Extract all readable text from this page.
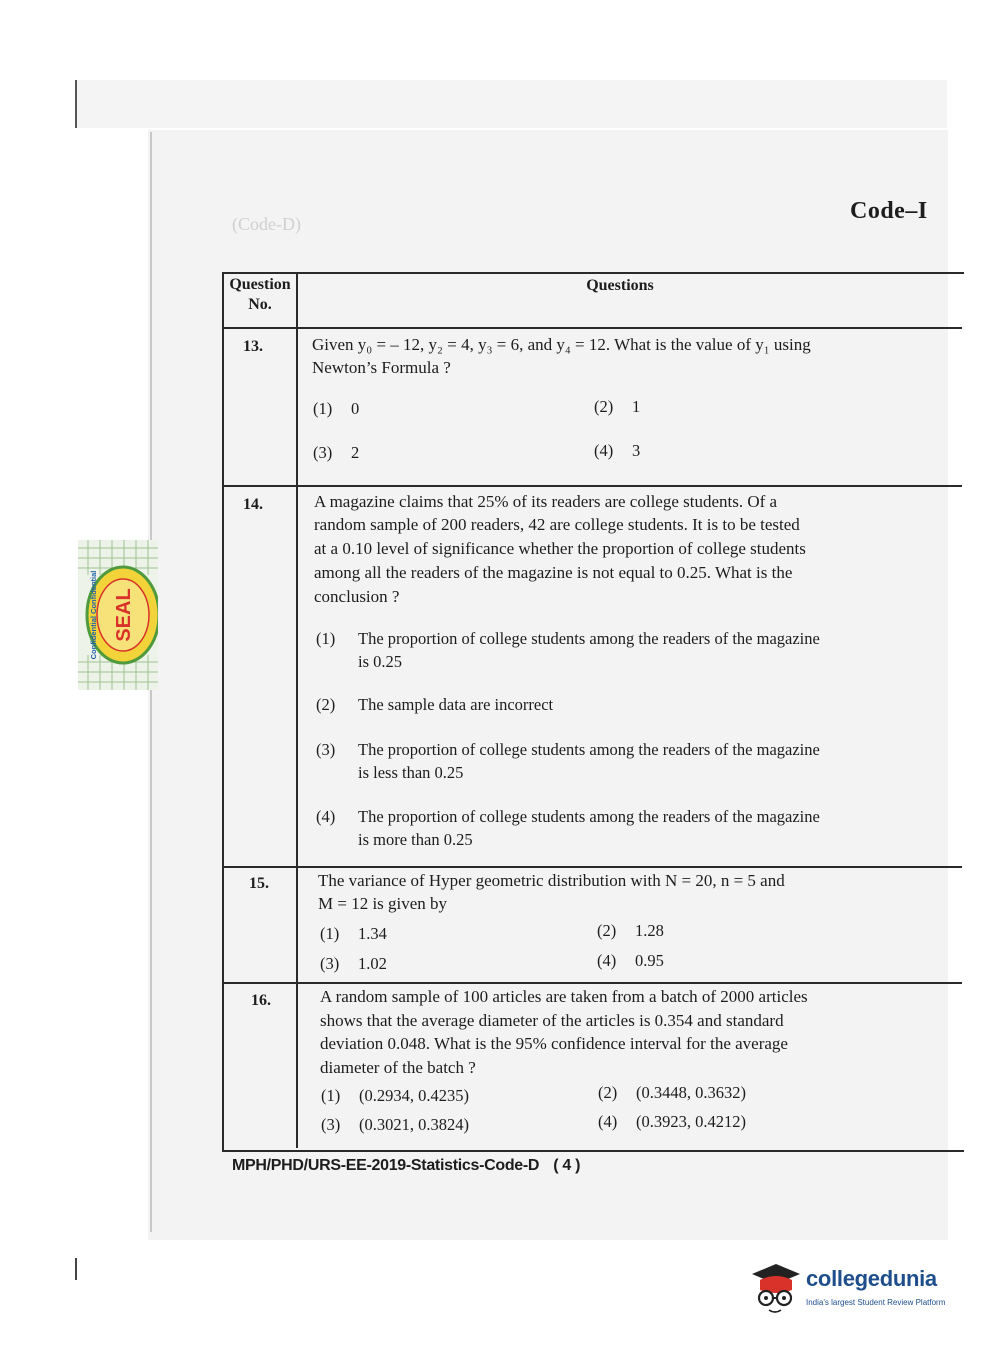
(Code-D)	Code–I
Question No.
Questions
13.	Given y₀ = – 12, y₂ = 4, y₃ = 6, and y₄ = 12. What is the value of y₁ using
Newton’s Formula ?
(1) 0	(2) 1
(3) 2	(4) 3
14.	A magazine claims that 25% of its readers are college students. Of a
random sample of 200 readers, 42 are college students. It is to be tested
at a 0.10 level of significance whether the proportion of college students
among all the readers of the magazine is not equal to 0.25. What is the
conclusion ?
(1) The proportion of college students among the readers of the magazine
is 0.25
(2) The sample data are incorrect
(3) The proportion of college students among the readers of the magazine
is less than 0.25
(4) The proportion of college students among the readers of the magazine
is more than 0.25
15.	The variance of Hyper geometric distribution with N = 20, n = 5 and
M = 12 is given by
(1) 1.34	(2) 1.28
(3) 1.02	(4) 0.95
16.	A random sample of 100 articles are taken from a batch of 2000 articles
shows that the average diameter of the articles is 0.354 and standard
deviation 0.048. What is the 95% confidence interval for the average
diameter of the batch ?
(1) (0.2934, 0.4235)	(2) (0.3448, 0.3632)
(3) (0.3021, 0.3824)	(4) (0.3923, 0.4212)
MPH/PHD/URS-EE-2019-Statistics-Code-D ( 4 )
SEAL
Confidential Confidential
collegedunia
India's largest Student Review Platform
